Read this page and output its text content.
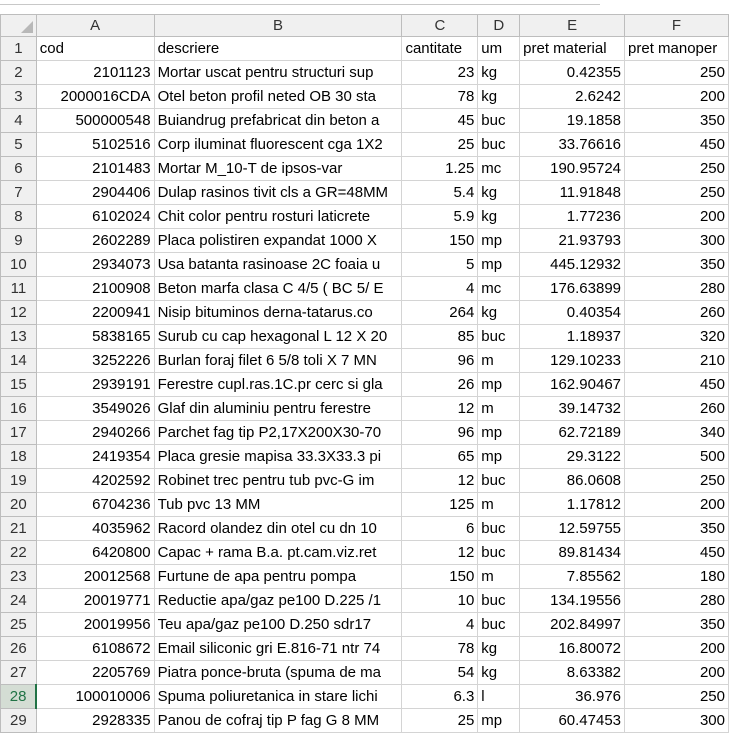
	A	B	C	D	E	F
1	cod	descriere	cantitate	um	pret material	pret manoper
2	2101123	Mortar uscat pentru structuri sup	23	kg	0.42355	250
3	2000016CDA	Otel beton profil neted OB 30 sta	78	kg	2.6242	200
4	500000548	Buiandrug prefabricat din beton a	45	buc	19.1858	350
5	5102516	Corp iluminat fluorescent cga 1X2	25	buc	33.76616	450
6	2101483	Mortar M_10-T de ipsos-var	1.25	mc	190.95724	250
7	2904406	Dulap rasinos tivit cls a GR=48MM	5.4	kg	11.91848	250
8	6102024	Chit color pentru rosturi laticrete	5.9	kg	1.77236	200
9	2602289	Placa polistiren expandat 1000 X	150	mp	21.93793	300
10	2934073	Usa batanta rasinoase 2C foaia u	5	mp	445.12932	350
11	2100908	Beton marfa clasa C 4/5 ( BC 5/ E	4	mc	176.63899	280
12	2200941	Nisip bituminos derna-tatarus.co	264	kg	0.40354	260
13	5838165	Surub cu cap hexagonal L 12 X 20	85	buc	1.18937	320
14	3252226	Burlan foraj filet 6 5/8 toli X 7 MN	96	m	129.10233	210
15	2939191	Ferestre cupl.ras.1C.pr cerc si gla	26	mp	162.90467	450
16	3549026	Glaf din aluminiu pentru ferestre	12	m	39.14732	260
17	2940266	Parchet fag tip P2,17X200X30-70	96	mp	62.72189	340
18	2419354	Placa gresie mapisa 33.3X33.3 pi	65	mp	29.3122	500
19	4202592	Robinet trec pentru tub pvc-G im	12	buc	86.0608	250
20	6704236	Tub pvc 13 MM	125	m	1.17812	200
21	4035962	Racord olandez din otel cu dn 10	6	buc	12.59755	350
22	6420800	Capac + rama B.a. pt.cam.viz.ret	12	buc	89.81434	450
23	20012568	Furtune de apa pentru pompa	150	m	7.85562	180
24	20019771	Reductie apa/gaz pe100 D.225 /1	10	buc	134.19556	280
25	20019956	Teu apa/gaz pe100 D.250 sdr17	4	buc	202.84997	350
26	6108672	Email siliconic gri E.816-71 ntr 74	78	kg	16.80072	200
27	2205769	Piatra ponce-bruta (spuma de ma	54	kg	8.63382	200
28	100010006	Spuma poliuretanica in stare lichi	6.3	l	36.976	250
29	2928335	Panou de cofraj tip P fag G 8 MM	25	mp	60.47453	300
